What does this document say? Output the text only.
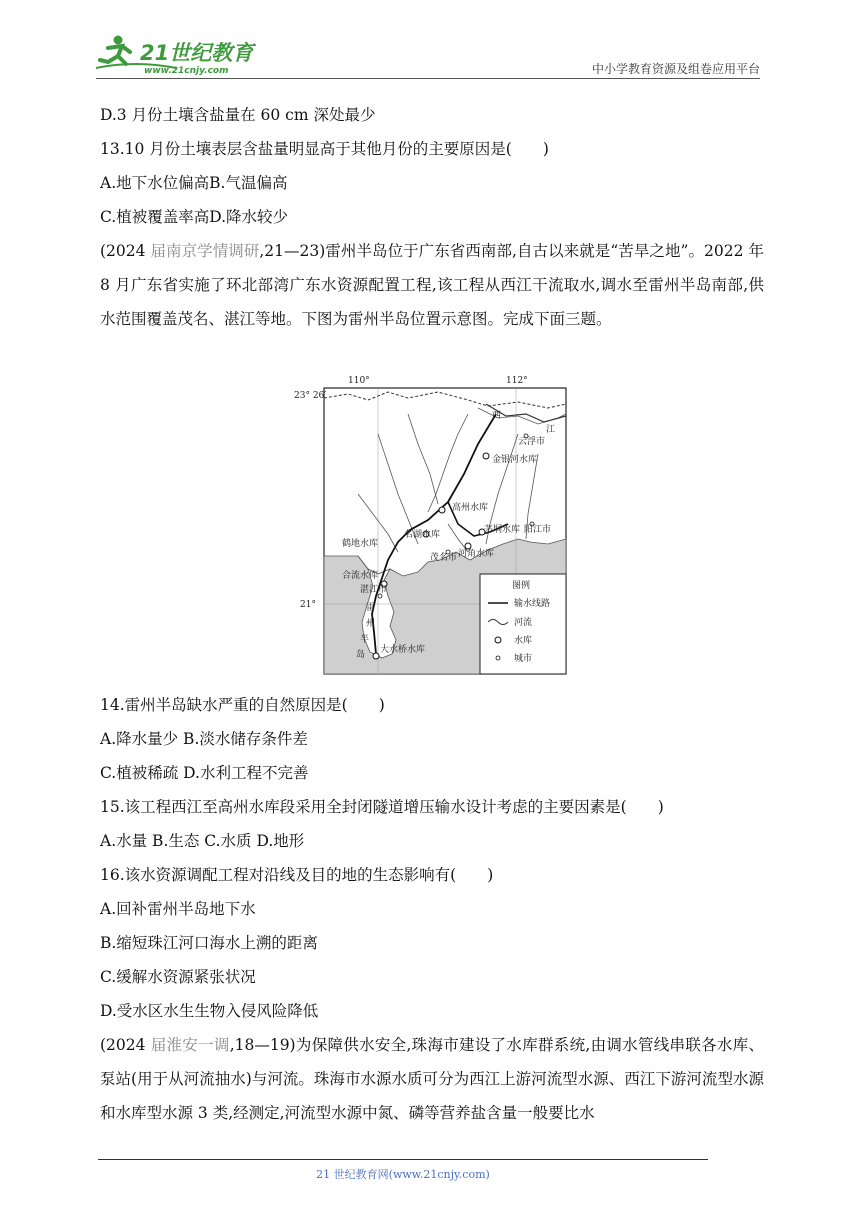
21世纪教育
www.21cnjy.com	中小学教育资源及组卷应用平台
D.3 月份土壤含盐量在 60 cm 深处最少
13.10 月份土壤表层含盐量明显高于其他月份的主要原因是(　　)
A.地下水位偏高B.气温偏高
C.植被覆盖率高D.降水较少

(2024 届南京学情调研,21—23)雷州半岛位于广东省西南部,自古以来就是“苦旱之地”。2022 年 8 月广东省实施了环北部湾广东水资源配置工程,该工程从西江干流取水,调水至雷州半岛南部,供水范围覆盖茂名、湛江等地。下图为雷州半岛位置示意图。完成下面三题。

110°	112°
23° 26′
21°
西
江
云浮市
金银河水库
高州水库
名湖水库	茅垌水库 阳江市
鹤地水库
茂名市 河角水库
合流水库
湛江市
雷
州
半
岛 大水桥水库
图例
输水线路
河流
水库
城市
14.雷州半岛缺水严重的自然原因是(　　)
A.降水量少 B.淡水储存条件差
C.植被稀疏 D.水利工程不完善
15.该工程西江至高州水库段采用全封闭隧道增压输水设计考虑的主要因素是(　　)
A.水量 B.生态 C.水质 D.地形
16.该水资源调配工程对沿线及目的地的生态影响有(　　)
A.回补雷州半岛地下水
B.缩短珠江河口海水上溯的距离
C.缓解水资源紧张状况
D.受水区水生生物入侵风险降低

(2024 届淮安一调,18—19)为保障供水安全,珠海市建设了水库群系统,由调水管线串联各水库、泵站(用于从河流抽水)与河流。珠海市水源水质可分为西江上游河流型水源、西江下游河流型水源和水库型水源 3 类,经测定,河流型水源中氮、磷等营养盐含量一般要比水

21 世纪教育网(www.21cnjy.com)
